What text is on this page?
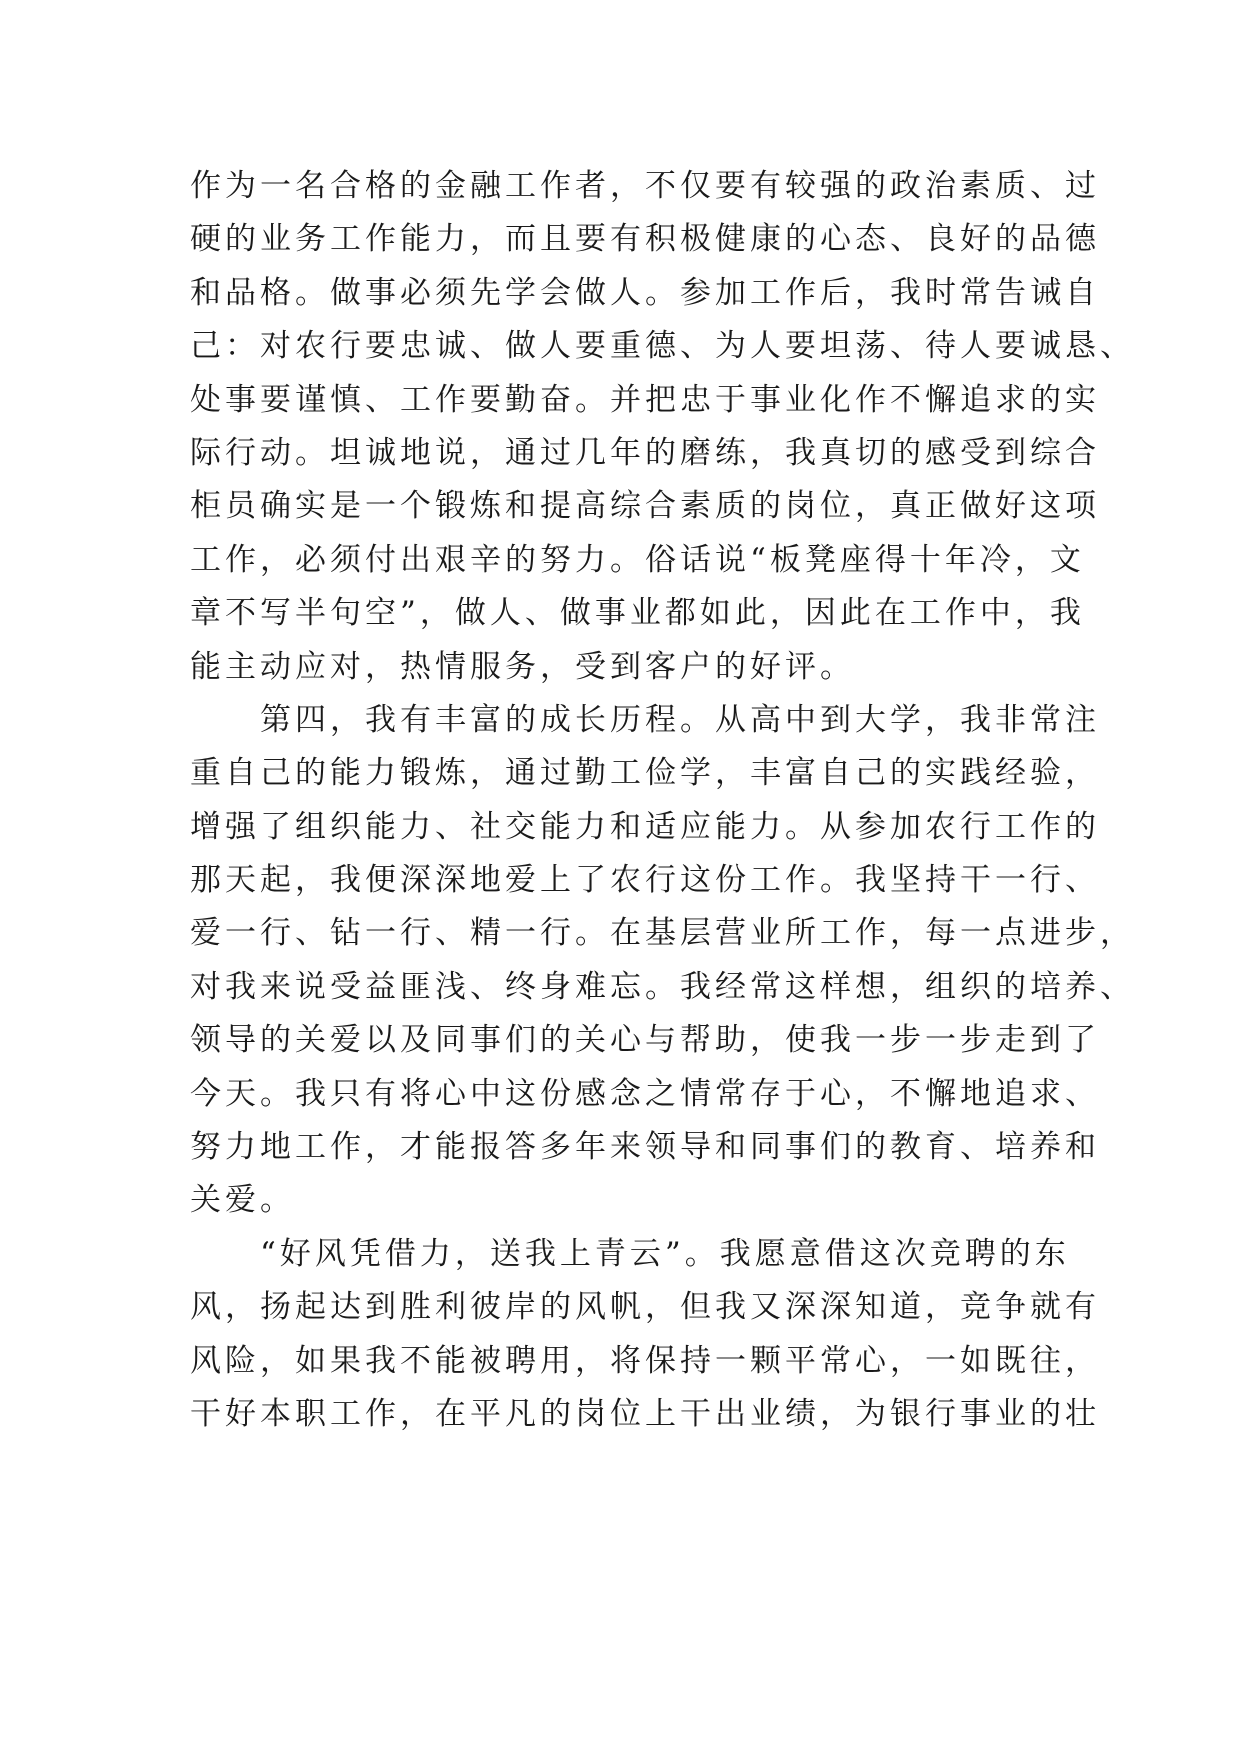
作为一名合格的金融工作者，不仅要有较强的政治素质、过
硬的业务工作能力，而且要有积极健康的心态、良好的品德
和品格。做事必须先学会做人。参加工作后，我时常告诫自
己：对农行要忠诚、做人要重德、为人要坦荡、待人要诚恳、
处事要谨慎、工作要勤奋。并把忠于事业化作不懈追求的实
际行动。坦诚地说，通过几年的磨练，我真切的感受到综合
柜员确实是一个锻炼和提高综合素质的岗位，真正做好这项
工作，必须付出艰辛的努力。俗话说“板凳座得十年冷，文
章不写半句空”，做人、做事业都如此，因此在工作中，我
能主动应对，热情服务，受到客户的好评。
　　第四，我有丰富的成长历程。从高中到大学，我非常注
重自己的能力锻炼，通过勤工俭学，丰富自己的实践经验，
增强了组织能力、社交能力和适应能力。从参加农行工作的
那天起，我便深深地爱上了农行这份工作。我坚持干一行、
爱一行、钻一行、精一行。在基层营业所工作，每一点进步，
对我来说受益匪浅、终身难忘。我经常这样想，组织的培养、
领导的关爱以及同事们的关心与帮助，使我一步一步走到了
今天。我只有将心中这份感念之情常存于心，不懈地追求、
努力地工作，才能报答多年来领导和同事们的教育、培养和
关爱。
　　“好风凭借力，送我上青云”。我愿意借这次竞聘的东
风，扬起达到胜利彼岸的风帆，但我又深深知道，竞争就有
风险，如果我不能被聘用，将保持一颗平常心，一如既往，
干好本职工作，在平凡的岗位上干出业绩，为银行事业的壮
